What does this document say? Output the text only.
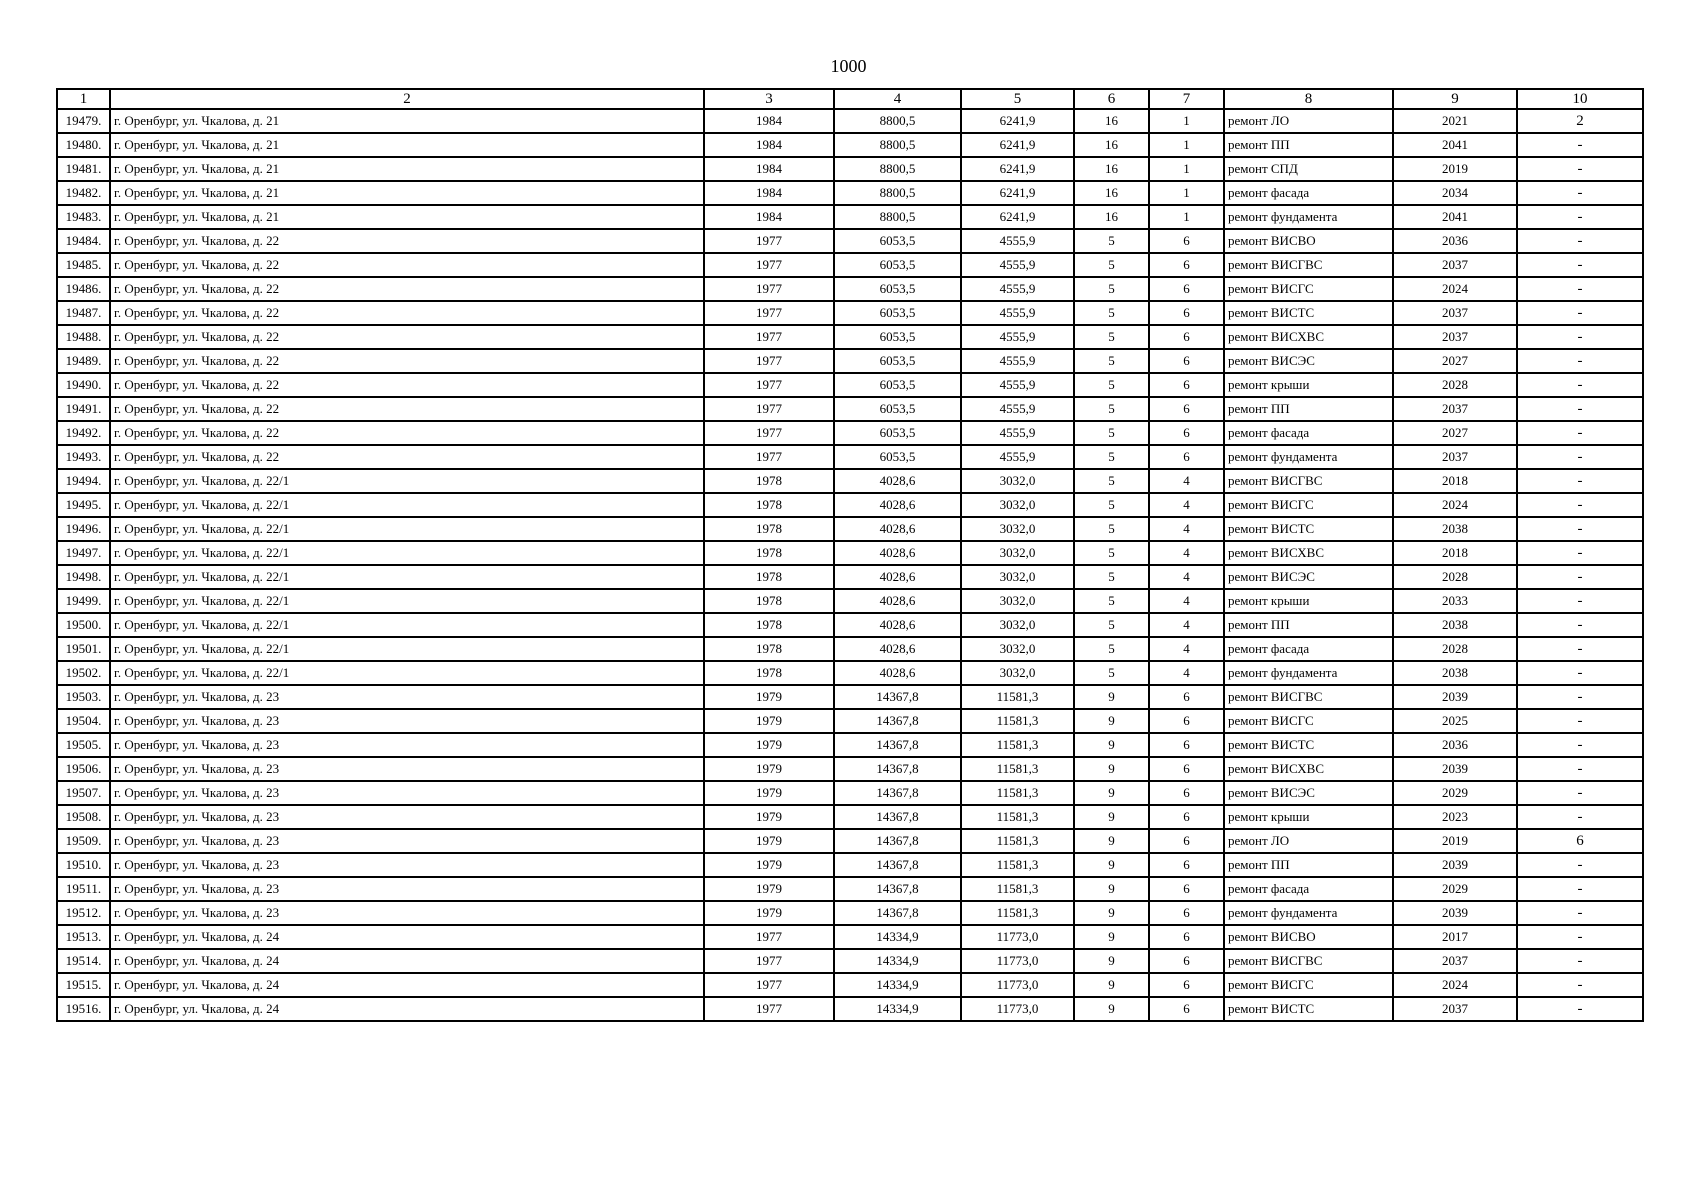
1000
1	2	3	4	5	6	7	8	9	10
19479.	г. Оренбург, ул. Чкалова, д. 21	1984	8800,5	6241,9	16	1	ремонт ЛО	2021	2
19480.	г. Оренбург, ул. Чкалова, д. 21	1984	8800,5	6241,9	16	1	ремонт ПП	2041	-
19481.	г. Оренбург, ул. Чкалова, д. 21	1984	8800,5	6241,9	16	1	ремонт СПД	2019	-
19482.	г. Оренбург, ул. Чкалова, д. 21	1984	8800,5	6241,9	16	1	ремонт фасада	2034	-
19483.	г. Оренбург, ул. Чкалова, д. 21	1984	8800,5	6241,9	16	1	ремонт фундамента	2041	-
19484.	г. Оренбург, ул. Чкалова, д. 22	1977	6053,5	4555,9	5	6	ремонт ВИСВО	2036	-
19485.	г. Оренбург, ул. Чкалова, д. 22	1977	6053,5	4555,9	5	6	ремонт ВИСГВС	2037	-
19486.	г. Оренбург, ул. Чкалова, д. 22	1977	6053,5	4555,9	5	6	ремонт ВИСГС	2024	-
19487.	г. Оренбург, ул. Чкалова, д. 22	1977	6053,5	4555,9	5	6	ремонт ВИСТС	2037	-
19488.	г. Оренбург, ул. Чкалова, д. 22	1977	6053,5	4555,9	5	6	ремонт ВИСХВС	2037	-
19489.	г. Оренбург, ул. Чкалова, д. 22	1977	6053,5	4555,9	5	6	ремонт ВИСЭС	2027	-
19490.	г. Оренбург, ул. Чкалова, д. 22	1977	6053,5	4555,9	5	6	ремонт крыши	2028	-
19491.	г. Оренбург, ул. Чкалова, д. 22	1977	6053,5	4555,9	5	6	ремонт ПП	2037	-
19492.	г. Оренбург, ул. Чкалова, д. 22	1977	6053,5	4555,9	5	6	ремонт фасада	2027	-
19493.	г. Оренбург, ул. Чкалова, д. 22	1977	6053,5	4555,9	5	6	ремонт фундамента	2037	-
19494.	г. Оренбург, ул. Чкалова, д. 22/1	1978	4028,6	3032,0	5	4	ремонт ВИСГВС	2018	-
19495.	г. Оренбург, ул. Чкалова, д. 22/1	1978	4028,6	3032,0	5	4	ремонт ВИСГС	2024	-
19496.	г. Оренбург, ул. Чкалова, д. 22/1	1978	4028,6	3032,0	5	4	ремонт ВИСТС	2038	-
19497.	г. Оренбург, ул. Чкалова, д. 22/1	1978	4028,6	3032,0	5	4	ремонт ВИСХВС	2018	-
19498.	г. Оренбург, ул. Чкалова, д. 22/1	1978	4028,6	3032,0	5	4	ремонт ВИСЭС	2028	-
19499.	г. Оренбург, ул. Чкалова, д. 22/1	1978	4028,6	3032,0	5	4	ремонт крыши	2033	-
19500.	г. Оренбург, ул. Чкалова, д. 22/1	1978	4028,6	3032,0	5	4	ремонт ПП	2038	-
19501.	г. Оренбург, ул. Чкалова, д. 22/1	1978	4028,6	3032,0	5	4	ремонт фасада	2028	-
19502.	г. Оренбург, ул. Чкалова, д. 22/1	1978	4028,6	3032,0	5	4	ремонт фундамента	2038	-
19503.	г. Оренбург, ул. Чкалова, д. 23	1979	14367,8	11581,3	9	6	ремонт ВИСГВС	2039	-
19504.	г. Оренбург, ул. Чкалова, д. 23	1979	14367,8	11581,3	9	6	ремонт ВИСГС	2025	-
19505.	г. Оренбург, ул. Чкалова, д. 23	1979	14367,8	11581,3	9	6	ремонт ВИСТС	2036	-
19506.	г. Оренбург, ул. Чкалова, д. 23	1979	14367,8	11581,3	9	6	ремонт ВИСХВС	2039	-
19507.	г. Оренбург, ул. Чкалова, д. 23	1979	14367,8	11581,3	9	6	ремонт ВИСЭС	2029	-
19508.	г. Оренбург, ул. Чкалова, д. 23	1979	14367,8	11581,3	9	6	ремонт крыши	2023	-
19509.	г. Оренбург, ул. Чкалова, д. 23	1979	14367,8	11581,3	9	6	ремонт ЛО	2019	6
19510.	г. Оренбург, ул. Чкалова, д. 23	1979	14367,8	11581,3	9	6	ремонт ПП	2039	-
19511.	г. Оренбург, ул. Чкалова, д. 23	1979	14367,8	11581,3	9	6	ремонт фасада	2029	-
19512.	г. Оренбург, ул. Чкалова, д. 23	1979	14367,8	11581,3	9	6	ремонт фундамента	2039	-
19513.	г. Оренбург, ул. Чкалова, д. 24	1977	14334,9	11773,0	9	6	ремонт ВИСВО	2017	-
19514.	г. Оренбург, ул. Чкалова, д. 24	1977	14334,9	11773,0	9	6	ремонт ВИСГВС	2037	-
19515.	г. Оренбург, ул. Чкалова, д. 24	1977	14334,9	11773,0	9	6	ремонт ВИСГС	2024	-
19516.	г. Оренбург, ул. Чкалова, д. 24	1977	14334,9	11773,0	9	6	ремонт ВИСТС	2037	-
